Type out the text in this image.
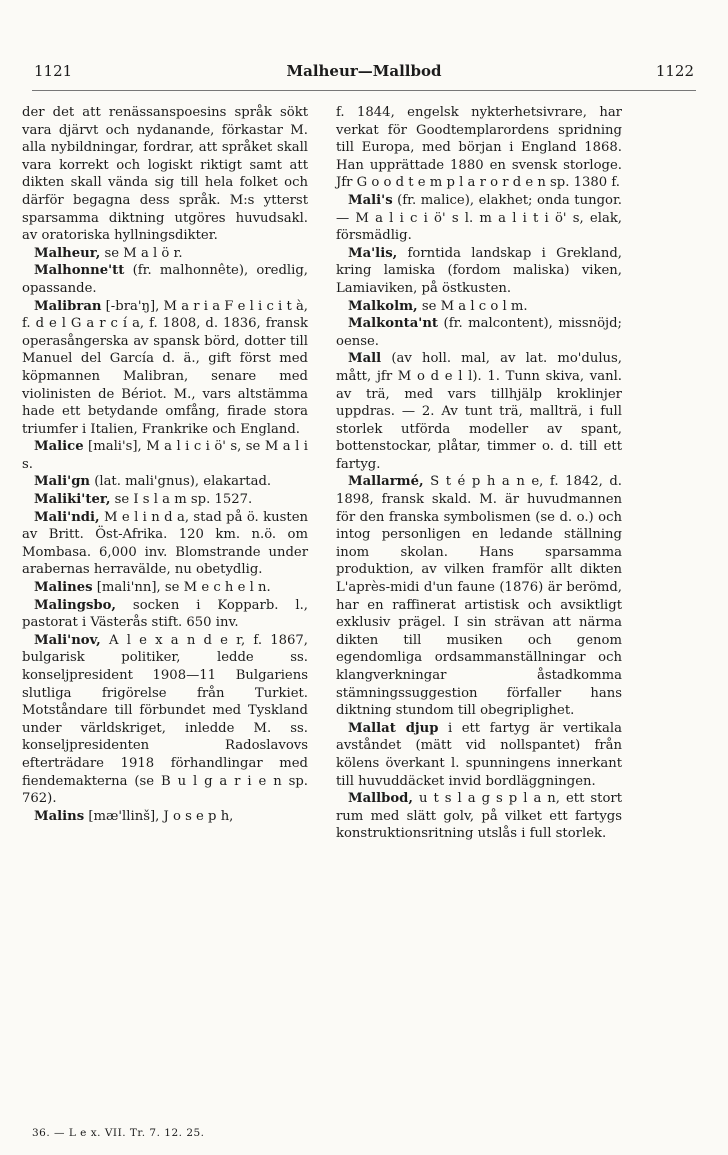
1121	Malheur—Mallbod	1122

der det att renässanspoesins språk sökt vara djärvt och nydanande, förkastar M. alla nybildningar, fordrar, att språket skall vara korrekt och logiskt riktigt samt att dikten skall vända sig till hela folket och därför begagna dess språk. M:s ytterst sparsamma diktning utgöres huvudsakl. av oratoriska hyllningsdikter.

Malheur, se M a l ö r.

Malhonne'tt (fr. malhonnête), oredlig, opassande.

Malibran [-bra'ŋ], M a r i a F e l i c i t à, f. d e l G a r c í a, f. 1808, d. 1836, fransk operasångerska av spansk börd, dotter till Manuel del García d. ä., gift först med köpmannen Malibran, senare med violinisten de Bériot. M., vars altstämma hade ett betydande omfång, firade stora triumfer i Italien, Frankrike och England.

Malice [mali's], M a l i c i ö' s, se M a l i s.

Mali'gn (lat. mali'gnus), elakartad.

Maliki'ter, se I s l a m sp. 1527.

Mali'ndi, M e l i n d a, stad på ö. kusten av Britt. Öst-Afrika. 120 km. n.ö. om Mombasa. 6,000 inv. Blomstrande under arabernas herravälde, nu obetydlig.

Malines [mali'nn], se M e c h e l n.

Malingsbo, socken i Kopparb. l., pastorat i Västerås stift. 650 inv.

Mali'nov, A l e x a n d e r, f. 1867, bulgarisk politiker, ledde ss. konseljpresident 1908—11 Bulgariens slutliga frigörelse från Turkiet. Motståndare till förbundet med Tyskland under världskriget, inledde M. ss. konseljpresidenten Radoslavovs efterträdare 1918 förhandlingar med fiendemakterna (se B u l g a r i e n sp. 762).

Malins [mæ'llinš], J o s e p h,

f. 1844, engelsk nykterhetsivrare, har verkat för Goodtemplarordens spridning till Europa, med början i England 1868. Han upprättade 1880 en svensk storloge. Jfr G o o d t e m p l a r o r d e n sp. 1380 f.

Mali's (fr. malice), elakhet; onda tungor. — M a l i c i ö' s l. m a l i t i ö' s, elak, försmädlig.

Ma'lis, forntida landskap i Grekland, kring lamiska (fordom maliska) viken, Lamiaviken, på östkusten.

Malkolm, se M a l c o l m.

Malkonta'nt (fr. malcontent), missnöjd; oense.

Mall (av holl. mal, av lat. mo'dulus, mått, jfr M o d e l l). 1. Tunn skiva, vanl. av trä, med vars tillhjälp kroklinjer uppdras. — 2. Av tunt trä, mallträ, i full storlek utförda modeller av spant, bottenstockar, plåtar, timmer o. d. till ett fartyg.

Mallarmé, S t é p h a n e, f. 1842, d. 1898, fransk skald. M. är huvudmannen för den franska symbolismen (se d. o.) och intog personligen en ledande ställning inom skolan. Hans sparsamma produktion, av vilken framför allt dikten L'après-midi d'un faune (1876) är berömd, har en raffinerat artistisk och avsiktligt exklusiv prägel. I sin strävan att närma dikten till musiken och genom egendomliga ordsammanställningar och klangverkningar åstadkomma stämningssuggestion förfaller hans diktning stundom till obegriplighet.

Mallat djup i ett fartyg är vertikala avståndet (mätt vid nollspantet) från kölens överkant l. spunningens innerkant till huvuddäcket invid bordläggningen.

Mallbod, u t s l a g s p l a n, ett stort rum med slätt golv, på vilket ett fartygs konstruktionsritning utslås i full storlek.

36. — L e x. VII. Tr. 7. 12. 25.
